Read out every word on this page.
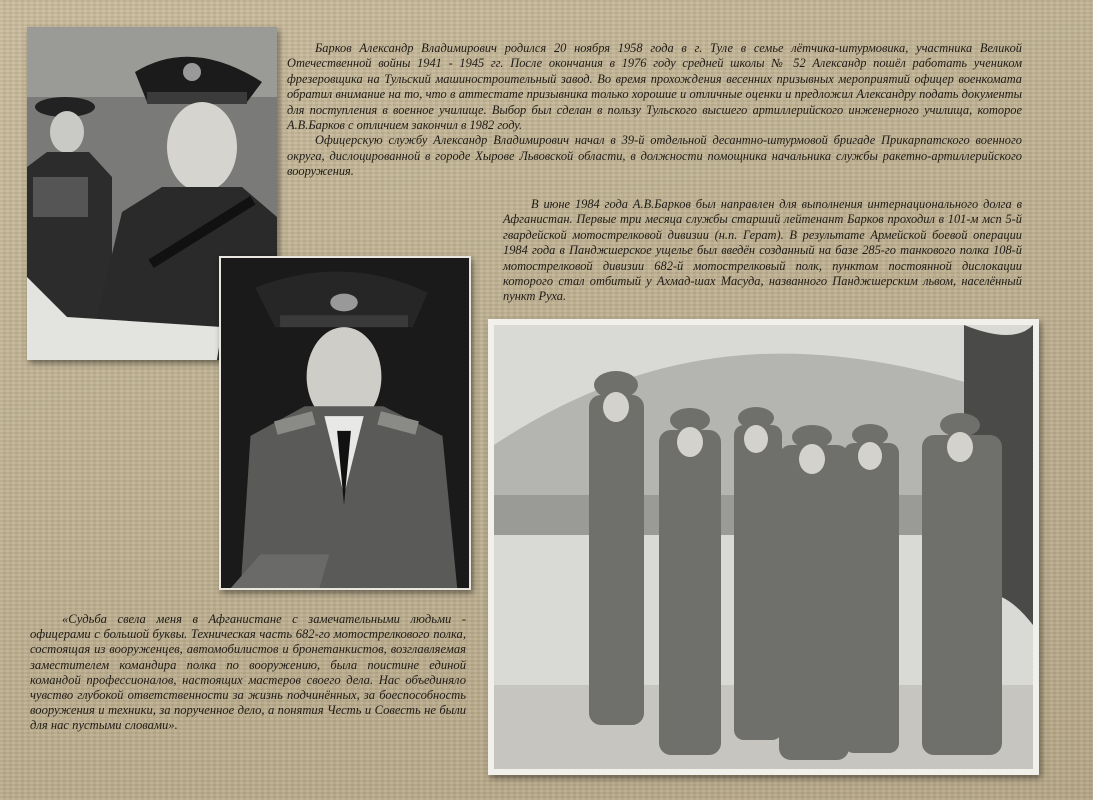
Барков Александр Владимирович родился 20 ноября 1958 года в г. Туле в семье лётчика-штурмовика, участника Великой Отечественной войны 1941 - 1945 гг. После окончания в 1976 году средней школы № 52 Александр пошёл работать учеником фрезеровщика на Тульский машиностроительный завод. Во время прохождения весенних призывных мероприятий офицер военкомата обратил внимание на то, что в аттестате призывника только хорошие и отличные оценки и предложил Александру подать документы для поступления в военное училище. Выбор был сделан в пользу Тульского высшего артиллерийского инженерного училища, которое А.В.Барков с отличием закончил в 1982 году.

Офицерскую службу Александр Владимирович начал в 39-й отдельной десантно-штурмовой бригаде Прикарпатского военного округа, дислоцированной в городе Хырове Львовской области, в должности помощника начальника службы ракетно-артиллерийского вооружения.

В июне 1984 года А.В.Барков был направлен для выполнения интернационального долга в Афганистан. Первые три месяца службы старший лейтенант Барков проходил в 101-м мсп 5-й гвардейской мотострелковой дивизии (н.п. Герат). В результате Армейской боевой операции 1984 года в Панджшерское ущелье был введён созданный на базе 285-го танкового полка 108-й мотострелковой дивизии 682-й мотострелковый полк, пунктом постоянной дислокации которого стал отбитый у Ахмад-шах Масуда, названного Панджшерским львом, населённый пункт Руха.

«Судьба свела меня в Афганистане с замечательными людьми - офицерами с большой буквы. Техническая часть 682-го мотострелкового полка, состоящая из вооруженцев, автомобилистов и бронетанкистов, возглавляемая заместителем командира полка по вооружению, была поистине единой командой профессионалов, настоящих мастеров своего дела. Нас объединяло чувство глубокой ответственности за жизнь подчинённых, за боеспособность вооружения и техники, за порученное дело, а понятия Честь и Совесть не были для нас пустыми словами».
